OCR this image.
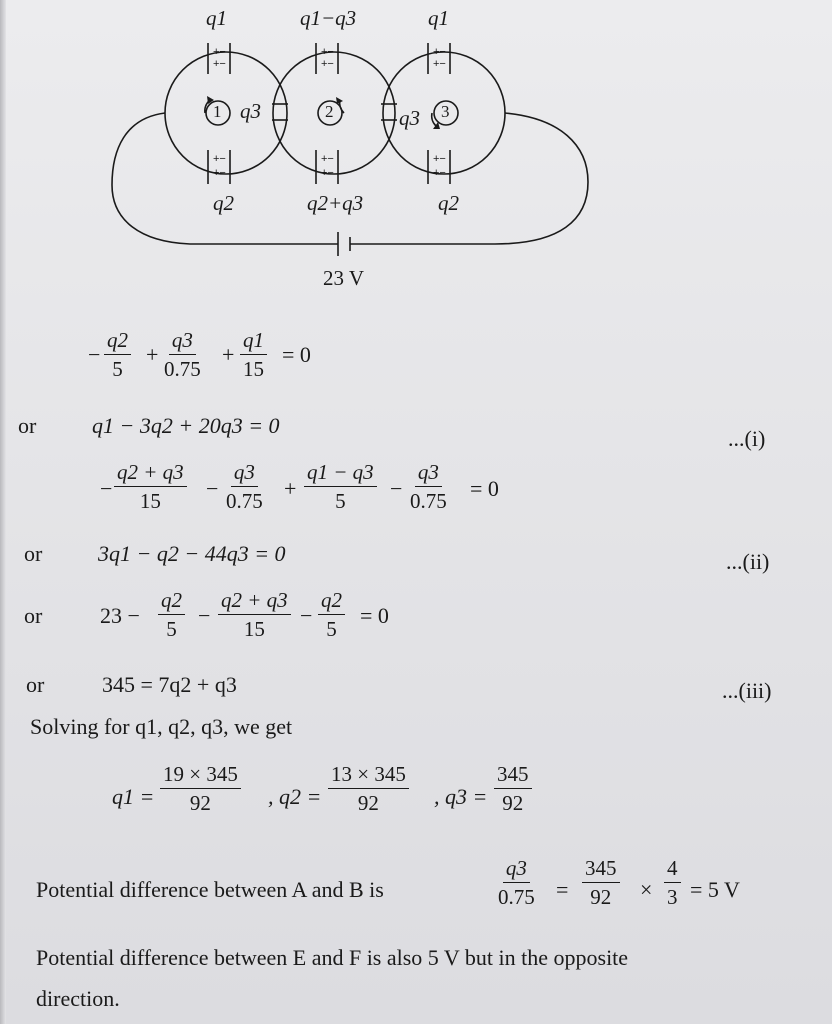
+−
+−
+−
+−
+−
+−
+−
+−
+−
+−
+−
+−
q1	q1−q3	q1
q2	q2+q3	q2
1	2	3
q3	q3
23 V
− $\frac{q2}{5} + \frac{q3}{0.75} + \frac{q1}{15} = 0$
or	q1 − 3q2 + 20q3 = 0
...(i)
− $\frac{q2 + q3}{15} - \frac{q3}{0.75} + \frac{q1 - q3}{5} - \frac{q3}{0.75} = 0$
or	3q1 − q2 − 44q3 = 0	...(ii)
or	$23 - \frac{q2}{5} - \frac{q2 + q3}{15} - \frac{q2}{5} = 0$
or	345 = 7q2 + q3	...(iii)
Solving for q1, q2, q3, we get
$q1 = \frac{19 \times 345}{92}$ , $q2 = \frac{13 \times 345}{92}$ , $q3 = \frac{345}{92}$
Potential difference between A and B is	$\frac{q3}{0.75} = \frac{345}{92} \times \frac{4}{3} = 5$ V
Potential difference between E and F is also 5 V but in the opposite
direction.
